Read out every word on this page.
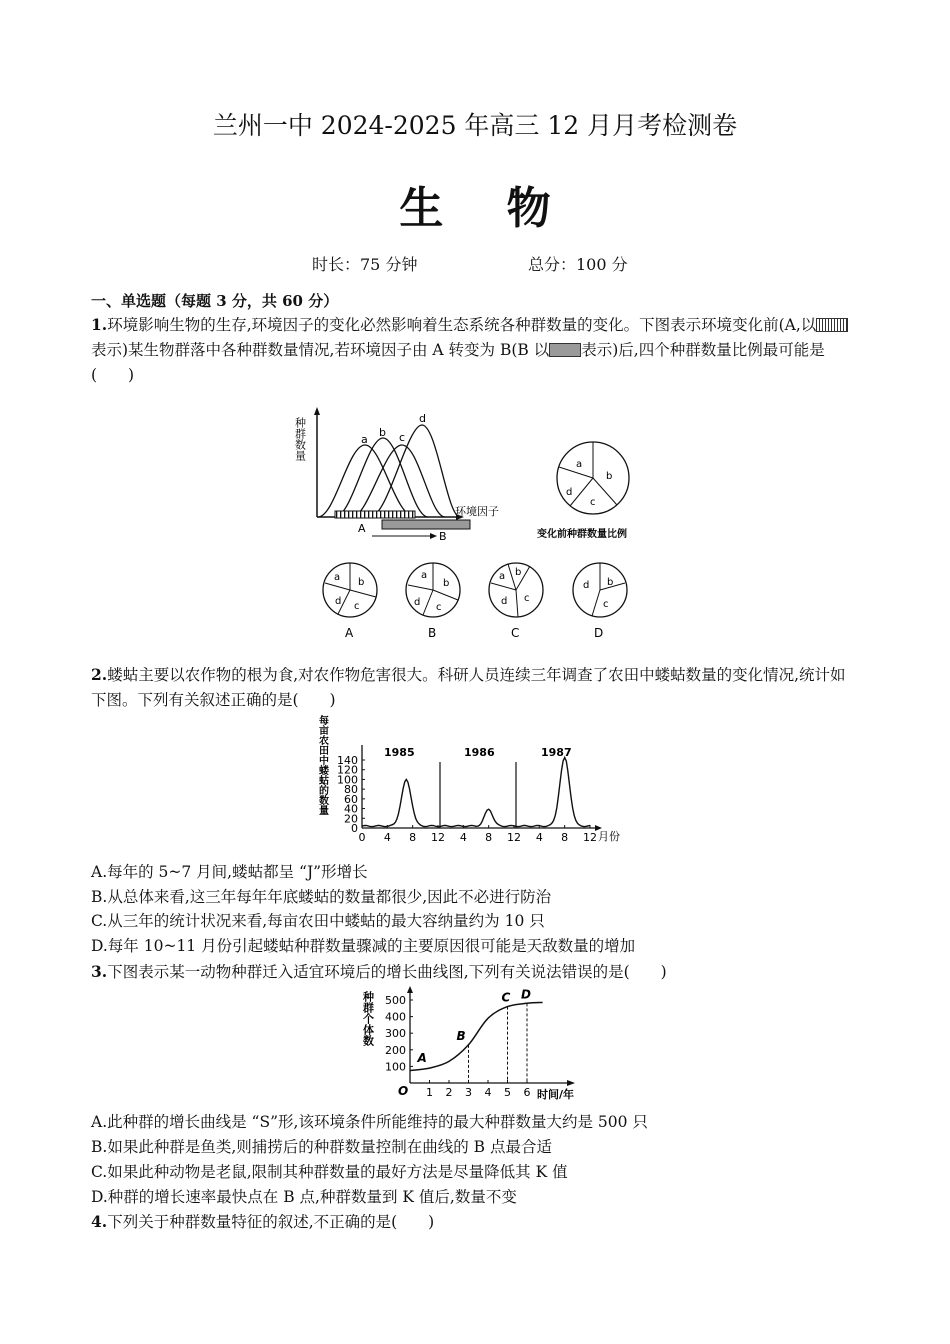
兰州一中 2024-2025 年高三 12 月月考检测卷
生 物
时长：75 分钟	总分：100 分
一、单选题（每题 3 分，共 60 分）
1.环境影响生物的生存,环境因子的变化必然影响着生态系统各种群数量的变化。下图表示环境变化前(A,以表示)某生物群落中各种群数量情况,若环境因子由 A 转变为 B(B 以 表示)后,四个种群数量比例最可能是(　　)
种群数量
环境因子
a
b c
d
A
B
a
b
c
d
变化前种群数量比例
a b
c
d
a
b
c
d
a b
c
d
d b
c
A	B	C	D
2.蝼蛄主要以农作物的根为食,对农作物危害很大。科研人员连续三年调查了农田中蝼蛄数量的变化情况,统计如下图。下列有关叙述正确的是(　　)
每亩农田中蝼蛄的数量
0
20
40
60
80
100
120
140
0 4 8 12 4 8 12 4 8 12 月份
1985	1986	1987
A.每年的 5~7 月间,蝼蛄都呈 “J”形增长
B.从总体来看,这三年每年年底蝼蛄的数量都很少,因此不必进行防治
C.从三年的统计状况来看,每亩农田中蝼蛄的最大容纳量约为 10 只
D.每年 10~11 月份引起蝼蛄种群数量骤减的主要原因很可能是天敌数量的增加
3.下图表示某一动物种群迁入适宜环境后的增长曲线图,下列有关说法错误的是(　　)
种群个体数
O	时间/年
100
200
300
400
500
1 2 3 4 5 6
A
B
C D
A.此种群的增长曲线是 “S”形,该环境条件所能维持的最大种群数量大约是 500 只
B.如果此种群是鱼类,则捕捞后的种群数量控制在曲线的 B 点最合适
C.如果此种动物是老鼠,限制其种群数量的最好方法是尽量降低其 K 值
D.种群的增长速率最快点在 B 点,种群数量到 K 值后,数量不变
4.下列关于种群数量特征的叙述,不正确的是(　　)
